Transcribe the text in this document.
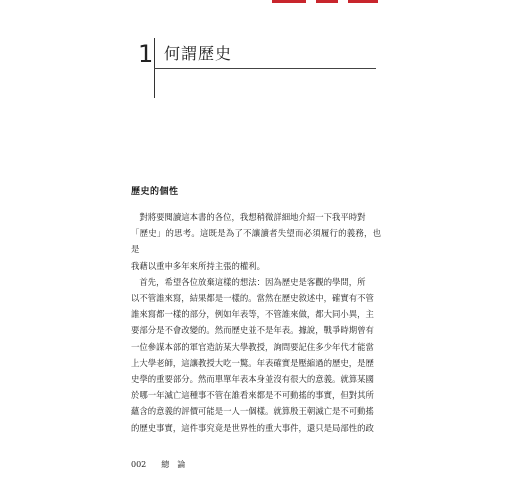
1 何謂歷史
歷史的個性

　對將要閱讀這本書的各位，我想稍微詳細地介紹一下我平時對
「歷史」的思考。這既是為了不讓讀者失望而必須履行的義務，也是
我藉以重申多年來所持主張的權利。

　首先，希望各位放棄這樣的想法：因為歷史是客觀的學問，所
以不管誰來寫，結果都是一樣的。當然在歷史敘述中，確實有不管
誰來寫都一樣的部分，例如年表等，不管誰來做，都大同小異，主
要部分是不會改變的。然而歷史並不是年表。據說，戰爭時期曾有
一位參謀本部的軍官造訪某大學教授，詢問要記住多少年代才能當
上大學老師，這讓教授大吃一驚。年表確實是壓縮過的歷史，是歷
史學的重要部分。然而單單年表本身並沒有很大的意義。就算某國
於哪一年滅亡這種事不管在誰看來都是不可動搖的事實，但對其所
蘊含的意義的評價可能是一人一個樣。就算殷王朝滅亡是不可動搖
的歷史事實，這件事究竟是世界性的重大事件，還只是局部性的政

002 總論
